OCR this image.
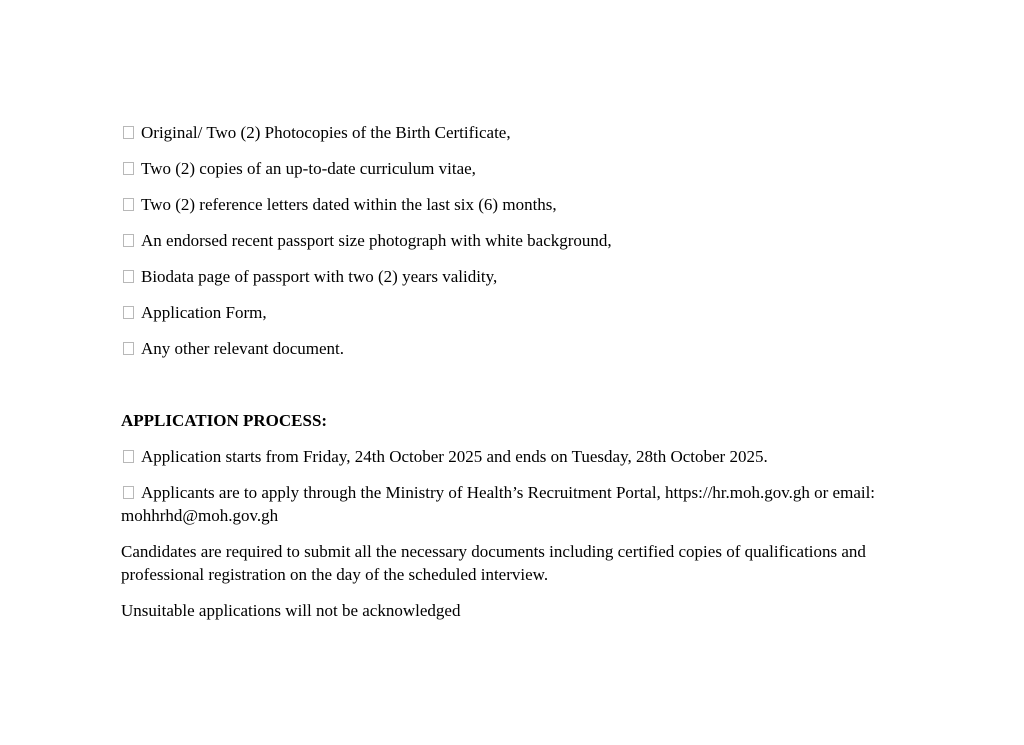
Original/ Two (2) Photocopies of the Birth Certificate,
Two (2) copies of an up-to-date curriculum vitae,
Two (2) reference letters dated within the last six (6) months,
An endorsed recent passport size photograph with white background,
Biodata page of passport with two (2) years validity,
Application Form,
Any other relevant document.
APPLICATION PROCESS:
Application starts from Friday, 24th October 2025 and ends on Tuesday, 28th October 2025.
Applicants are to apply through the Ministry of Health’s Recruitment Portal, https://hr.moh.gov.gh or email: mohhrhd@moh.gov.gh
Candidates are required to submit all the necessary documents including certified copies of qualifications and professional registration on the day of the scheduled interview.
Unsuitable applications will not be acknowledged
